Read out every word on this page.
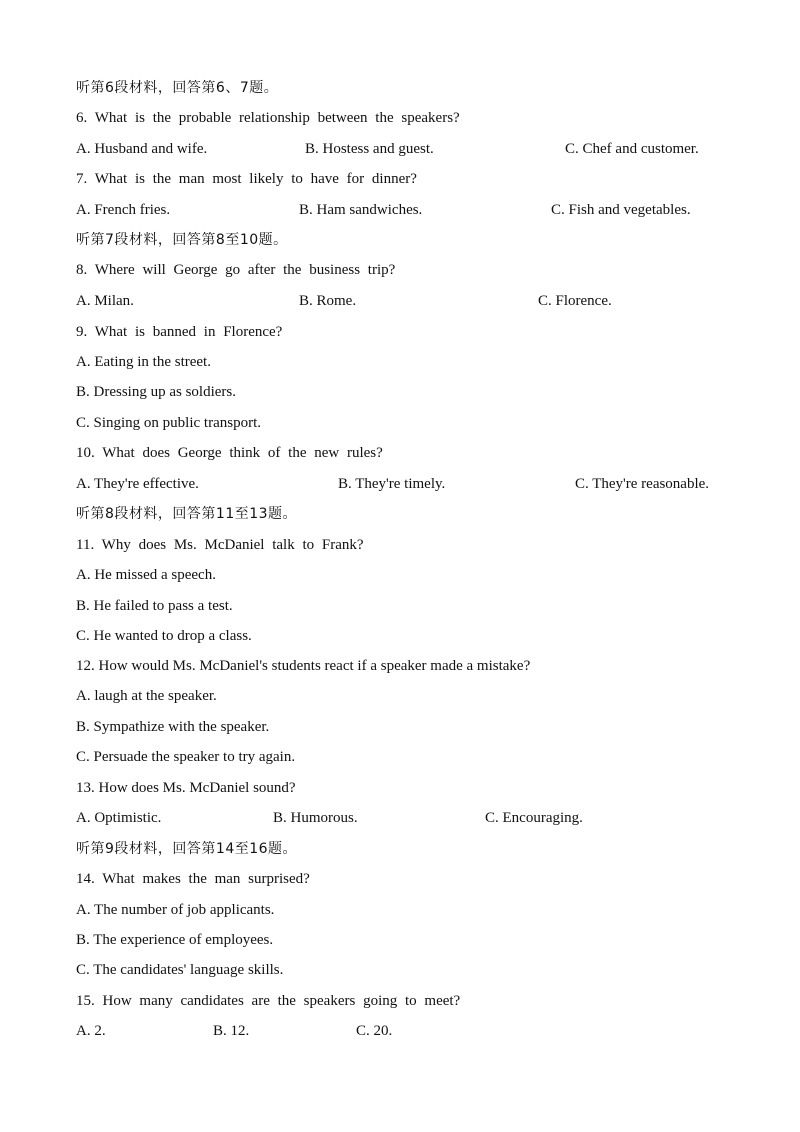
听第6段材料，回答第6、7题。
6. What is the probable relationship between the speakers?
A. Husband and wife.	B. Hostess and guest.	C. Chef and customer.
7. What is the man most likely to have for dinner?
A. French fries.	B. Ham sandwiches.	C. Fish and vegetables.
听第7段材料，回答第8至10题。
8. Where will George go after the business trip?
A. Milan.	B. Rome.	C. Florence.
9. What is banned in Florence?
A. Eating in the street.
B. Dressing up as soldiers.
C. Singing on public transport.
10. What does George think of the new rules?
A. They're effective.	B. They're timely.	C. They're reasonable.
听第8段材料，回答第11至13题。
11. Why does Ms. McDaniel talk to Frank?
A. He missed a speech.
B. He failed to pass a test.
C. He wanted to drop a class.
12. How would Ms. McDaniel's students react if a speaker made a mistake?
A. laugh at the speaker.
B. Sympathize with the speaker.
C. Persuade the speaker to try again.
13. How does Ms. McDaniel sound?
A. Optimistic.	B. Humorous.	C. Encouraging.
听第9段材料，回答第14至16题。
14. What makes the man surprised?
A. The number of job applicants.
B. The experience of employees.
C. The candidates' language skills.
15. How many candidates are the speakers going to meet?
A. 2.	B. 12.	C. 20.
